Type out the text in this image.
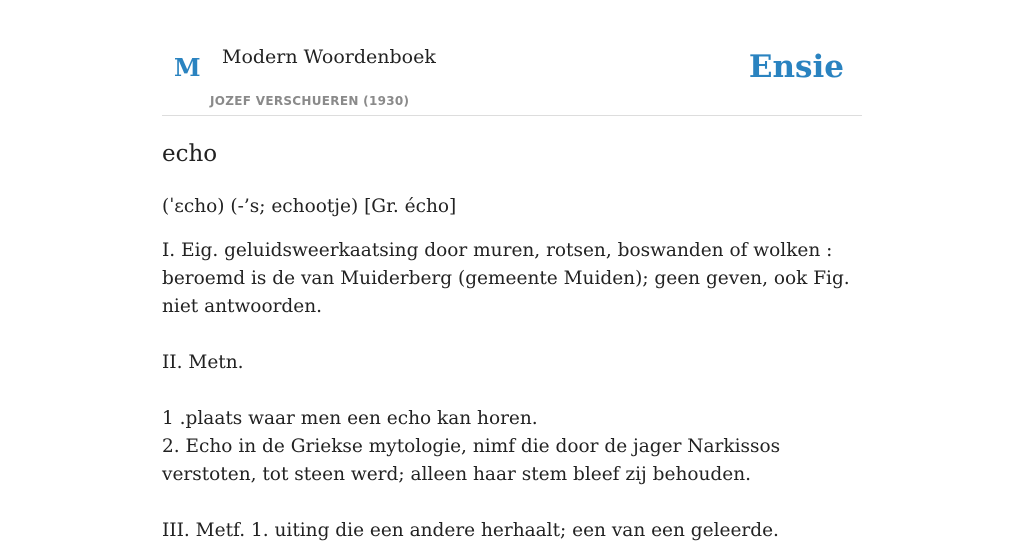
M Modern Woordenboek
JOZEF VERSCHUEREN (1930)
Ensie
echo

(ˈɛcho) (-’s; echootje) [Gr. écho]

I. Eig. geluidsweerkaatsing door muren, rotsen, boswanden of wolken : beroemd is de van Muiderberg (gemeente Muiden); geen geven, ook Fig. niet antwoorden.

II. Metn.

1 .plaats waar men een echo kan horen.

2. Echo in de Griekse mytologie, nimf die door de jager Narkissos verstoten, tot steen werd; alleen haar stem bleef zij behouden.

III. Metf. 1. uiting die een andere herhaalt; een van een geleerde.
